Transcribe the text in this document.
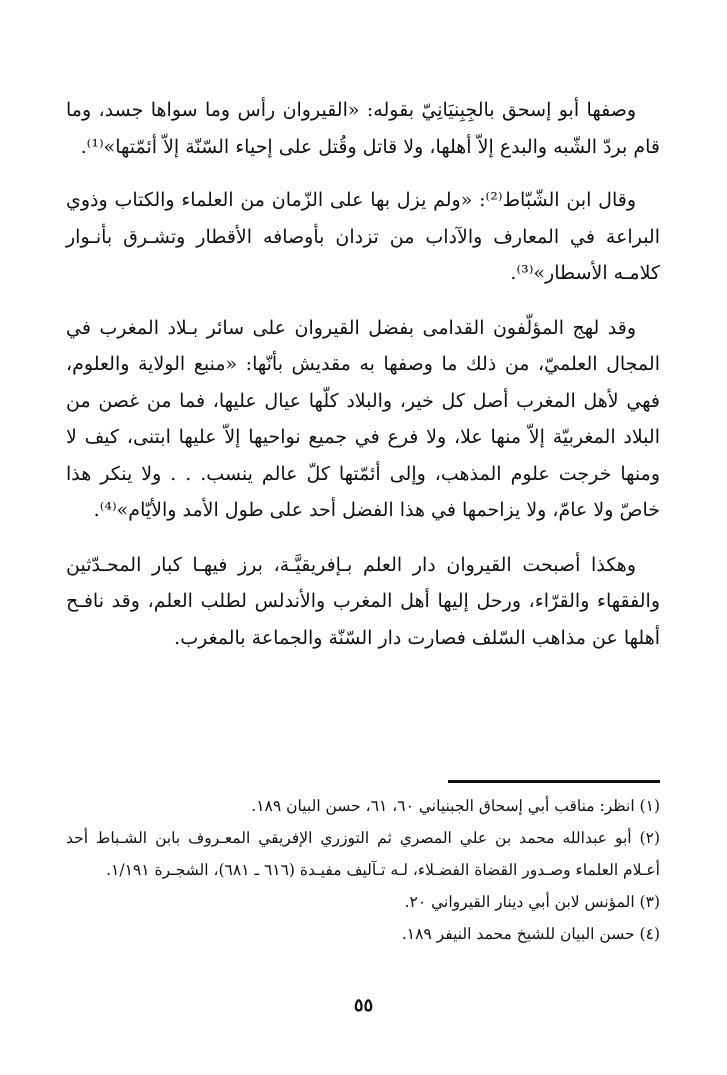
وصفها أبو إسحق بالجِبِنيَانِيّ بقوله: «القيروان رأس وما سواها جسد، وما قام بردّ الشّبه والبدع إلاّ أهلها، ولا قاتل وقُتل على إحياء السّنّة إلاّ أئمّتها»⁽¹⁾.

وقال ابن الشّبّاط⁽²⁾: «ولم يزل بها على الزّمان من العلماء والكتاب وذوي البراعة في المعارف والآداب من تزدان بأوصافه الأقطار وتشـرق بأنـوار كلامـه الأسطار»⁽³⁾.

وقد لهج المؤلّفون القدامى بفضل القيروان على سائر بـلاد المغرب في المجال العلميّ، من ذلك ما وصفها به مقديش بأنّها: «منبع الولاية والعلوم، فهي لأهل المغرب أصل كل خير، والبلاد كلّها عيال عليها، فما من غصن من البلاد المغربيّة إلاّ منها علا، ولا فرع في جميع نواحيها إلاّ عليها ابتنى، كيف لا ومنها خرجت علوم المذهب، وإلى أئمّتها كلّ عالم ينسب. . . ولا ينكر هذا خاصّ ولا عامّ، ولا يزاحمها في هذا الفضل أحد على طول الأمد والأيّام»⁽⁴⁾.

وهكذا أصبحت القيروان دار العلم بـإفريقيَّـة، برز فيهـا كبار المحـدّثين والفقهاء والقرّاء، ورحل إليها أهل المغرب والأندلس لطلب العلم، وقد نافـح أهلها عن مذاهب السّلف فصارت دار السّنّة والجماعة بالمغرب.

(١) انظر: مناقب أبي إسحاق الجبنياني ٦٠، ٦١، حسن البيان ١٨٩.

(٢) أبو عبدالله محمد بن علي المصري ثم التوزري الإفريقي المعـروف بابن الشـباط أحد أعـلام العلماء وصـدور القضاة الفضـلاء، لـه تـآليف مفيـدة (٦١٦ ـ ٦٨١)، الشجـرة ١/١٩١.

(٣) المؤنس لابن أبي دينار القيرواني ٢٠.

(٤) حسن البيان للشيخ محمد النيفر ١٨٩.

٥٥
